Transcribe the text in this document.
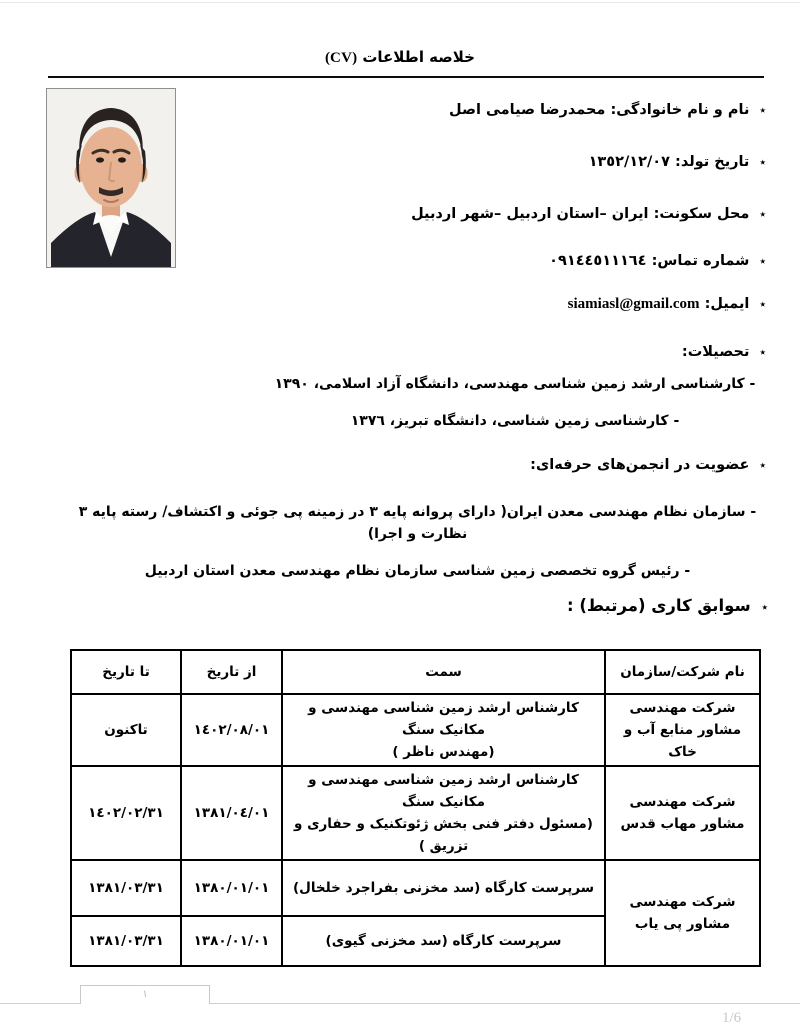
خلاصه اطلاعات (CV)
٭ نام و نام خانوادگی: محمدرضا صیامی اصل
٭ تاریخ تولد: ١٣٥٢/١٢/٠٧
٭ محل سکونت: ایران –استان اردبیل –شهر اردبیل
٭ شماره تماس: ٠٩١٤٤٥١١١٦٤
٭ ایمیل: siamiasl@gmail.com
٭ تحصیلات:
- کارشناسی ارشد زمین شناسی مهندسی، دانشگاه آزاد اسلامی، ١٣٩٠
- کارشناسی زمین شناسی، دانشگاه تبریز، ١٣٧٦
٭ عضویت در انجمن‌های حرفه‌ای:
- سازمان نظام مهندسی معدن ایران( دارای پروانه پایه ٣ در زمینه پی جوئی و اکتشاف/ رسته پایه ٣ نظارت و اجرا)
- رئیس گروه تخصصی زمین شناسی سازمان نظام مهندسی معدن استان اردبیل
٭ سوابق کاری (مرتبط) :
نام شرکت/سازمان	سمت	از تاریخ	تا تاریخ
شرکت مهندسی مشاور منابع آب و خاک	کارشناس ارشد زمین شناسی مهندسی و مکانیک سنگ
(مهندس ناظر )	١٤٠٢/٠٨/٠١	تاکنون
شرکت مهندسی مشاور مهاب قدس	کارشناس ارشد زمین شناسی مهندسی و مکانیک سنگ
(مسئول دفتر فنی بخش ژئوتکنیک و حفاری و تزریق )	١٣٨١/٠٤/٠١	١٤٠٢/٠٢/٣١
شرکت مهندسی مشاور پی یاب	سرپرست کارگاه (سد مخزنی بفراجرد خلخال)	١٣٨٠/٠١/٠١	١٣٨١/٠٣/٣١
	سرپرست کارگاه (سد مخزنی گیوی)	١٣٨٠/٠١/٠١	١٣٨١/٠٣/٣١
۱
1/6
